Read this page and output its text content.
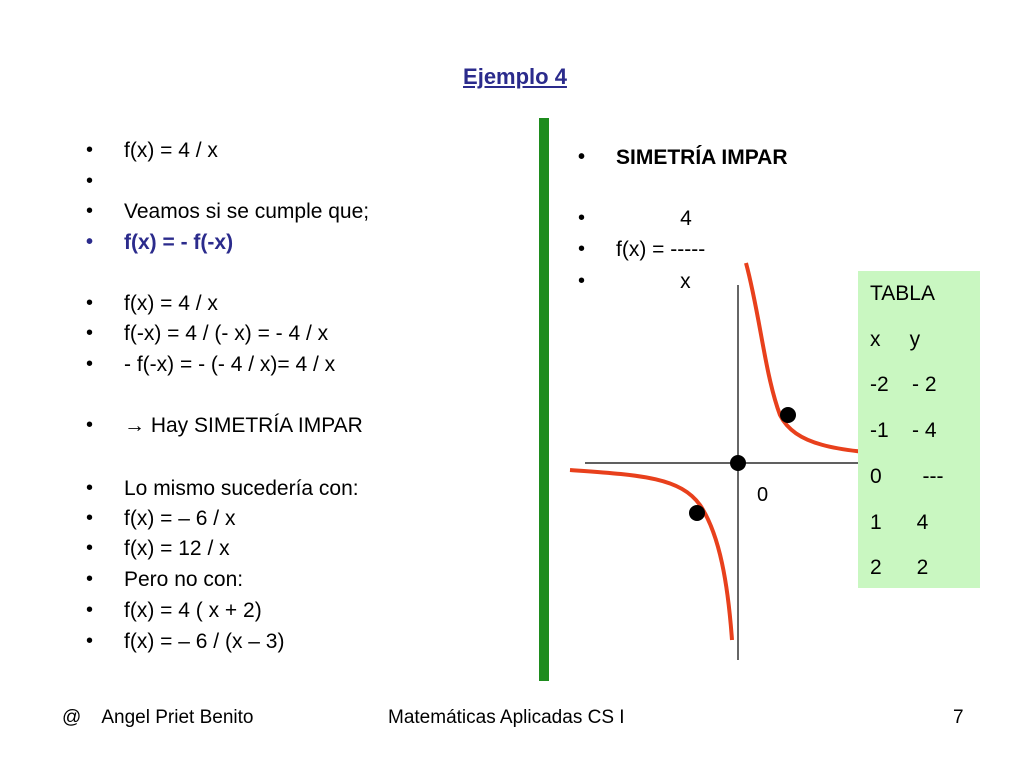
Ejemplo 4
• f(x) = 4 / x
•
• Veamos si se cumple que;
• f(x) = - f(-x)
• f(x) = 4 / x
• f(-x) = 4 / (- x) = - 4 / x
• - f(-x) = - (- 4 / x)= 4 / x
• → Hay SIMETRÍA IMPAR
• Lo mismo sucedería con:
• f(x) = – 6 / x
• f(x) = 12 / x
• Pero no con:
• f(x) = 4 ( x + 2)
• f(x) = – 6 / (x – 3)
• SIMETRÍA IMPAR
• 4
• f(x) = -----
• x
0
TABLA
x     y
-2    - 2
-1    - 4
0       ---
1      4
2      2
@    Angel Priet Benito	Matemáticas Aplicadas CS I	7
